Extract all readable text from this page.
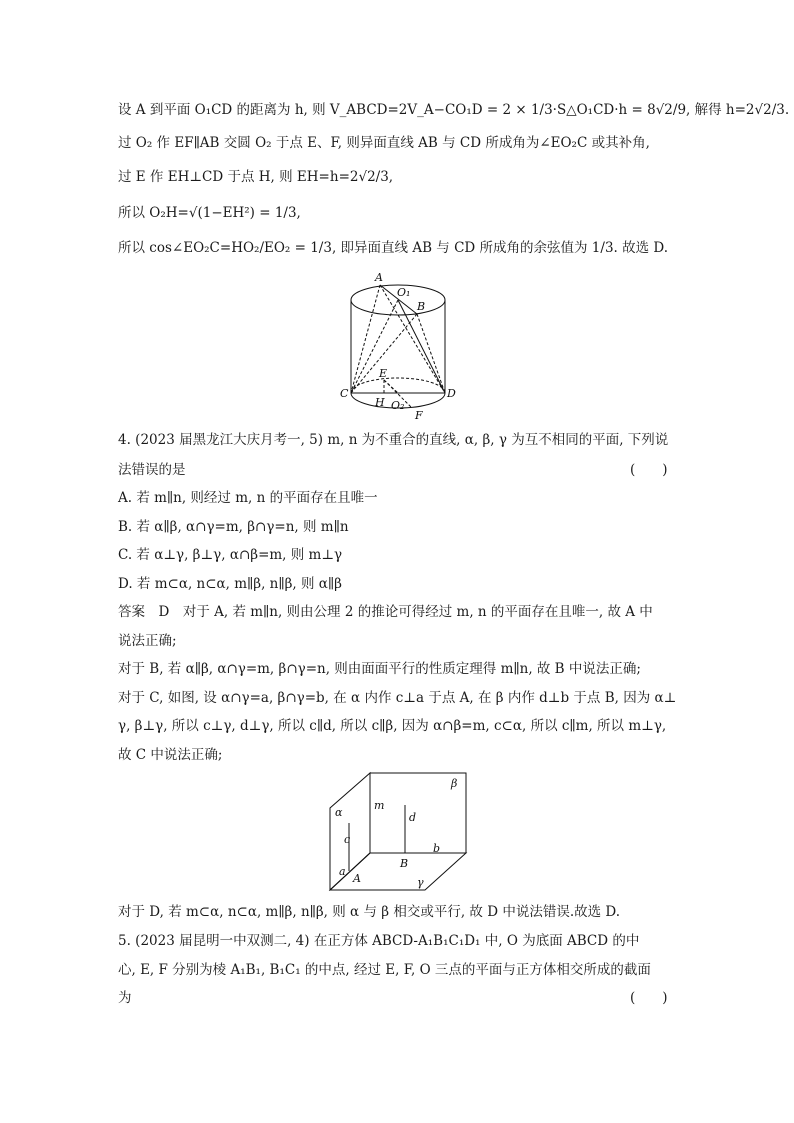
设 A 到平面 O₁CD 的距离为 h, 则 V_ABCD=2V_A−CO₁D = 2 × 1/3·S△O₁CD·h = 8√2/9, 解得 h=2√2/3.
过 O₂ 作 EF∥AB 交圆 O₂ 于点 E、F, 则异面直线 AB 与 CD 所成角为∠EO₂C 或其补角,
过 E 作 EH⊥CD 于点 H, 则 EH=h=2√2/3,
所以 O₂H=√(1−EH²) = 1/3,
所以 cos∠EO₂C=HO₂/EO₂ = 1/3, 即异面直线 AB 与 CD 所成角的余弦值为 1/3. 故选 D.
A
O₁
B
E
C
H O₂
D
F
4. (2023 届黑龙江大庆月考一, 5) m, n 为不重合的直线, α, β, γ 为互不相同的平面, 下列说
法错误的是	(　　)
A. 若 m∥n, 则经过 m, n 的平面存在且唯一
B. 若 α∥β, α∩γ=m, β∩γ=n, 则 m∥n
C. 若 α⊥γ, β⊥γ, α∩β=m, 则 m⊥γ
D. 若 m⊂α, n⊂α, m∥β, n∥β, 则 α∥β
答案　D　对于 A, 若 m∥n, 则由公理 2 的推论可得经过 m, n 的平面存在且唯一, 故 A 中
说法正确;
对于 B, 若 α∥β, α∩γ=m, β∩γ=n, 则由面面平行的性质定理得 m∥n, 故 B 中说法正确;
对于 C, 如图, 设 α∩γ=a, β∩γ=b, 在 α 内作 c⊥a 于点 A, 在 β 内作 d⊥b 于点 B, 因为 α⊥
γ, β⊥γ, 所以 c⊥γ, d⊥γ, 所以 c∥d, 所以 c∥β, 因为 α∩β=m, c⊂α, 所以 c∥m, 所以 m⊥γ,
故 C 中说法正确;
α
β
m
c
d
a
A
B
b
γ
对于 D, 若 m⊂α, n⊂α, m∥β, n∥β, 则 α 与 β 相交或平行, 故 D 中说法错误.故选 D.
5. (2023 届昆明一中双测二, 4) 在正方体 ABCD-A₁B₁C₁D₁ 中, O 为底面 ABCD 的中
心, E, F 分别为棱 A₁B₁, B₁C₁ 的中点, 经过 E, F, O 三点的平面与正方体相交所成的截面
为	(　　)
